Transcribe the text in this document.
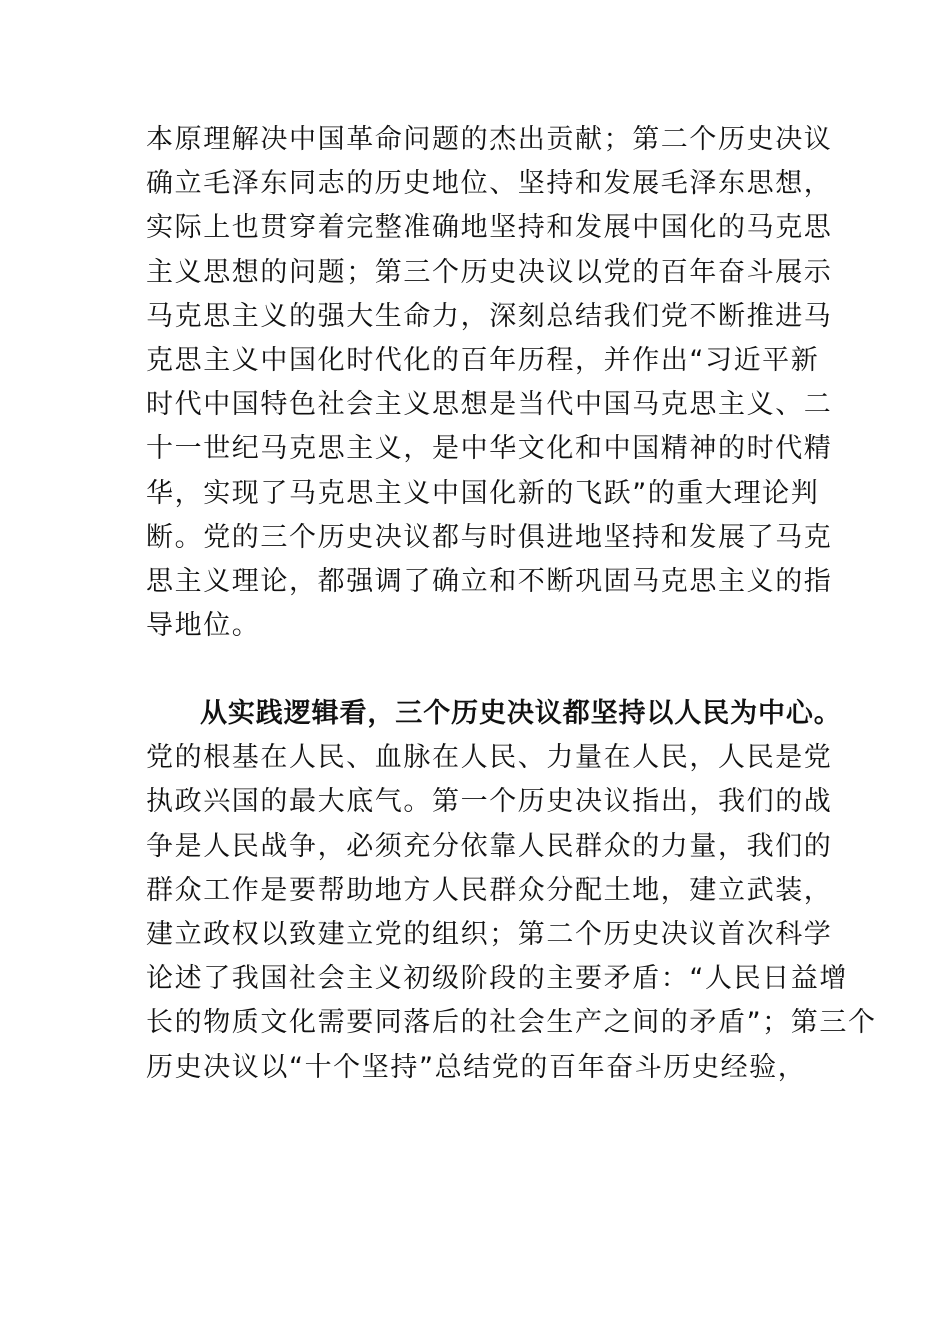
本原理解决中国革命问题的杰出贡献；第二个历史决议
确立毛泽东同志的历史地位、坚持和发展毛泽东思想，
实际上也贯穿着完整准确地坚持和发展中国化的马克思
主义思想的问题；第三个历史决议以党的百年奋斗展示
马克思主义的强大生命力，深刻总结我们党不断推进马
克思主义中国化时代化的百年历程，并作出“习近平新
时代中国特色社会主义思想是当代中国马克思主义、二
十一世纪马克思主义，是中华文化和中国精神的时代精
华，实现了马克思主义中国化新的飞跃”的重大理论判
断。党的三个历史决议都与时俱进地坚持和发展了马克
思主义理论，都强调了确立和不断巩固马克思主义的指
导地位。
从实践逻辑看，三个历史决议都坚持以人民为中心。
党的根基在人民、血脉在人民、力量在人民，人民是党
执政兴国的最大底气。第一个历史决议指出，我们的战
争是人民战争，必须充分依靠人民群众的力量，我们的
群众工作是要帮助地方人民群众分配土地，建立武装，
建立政权以致建立党的组织；第二个历史决议首次科学
论述了我国社会主义初级阶段的主要矛盾：“人民日益增
长的物质文化需要同落后的社会生产之间的矛盾”；第三个
历史决议以“十个坚持”总结党的百年奋斗历史经验，
